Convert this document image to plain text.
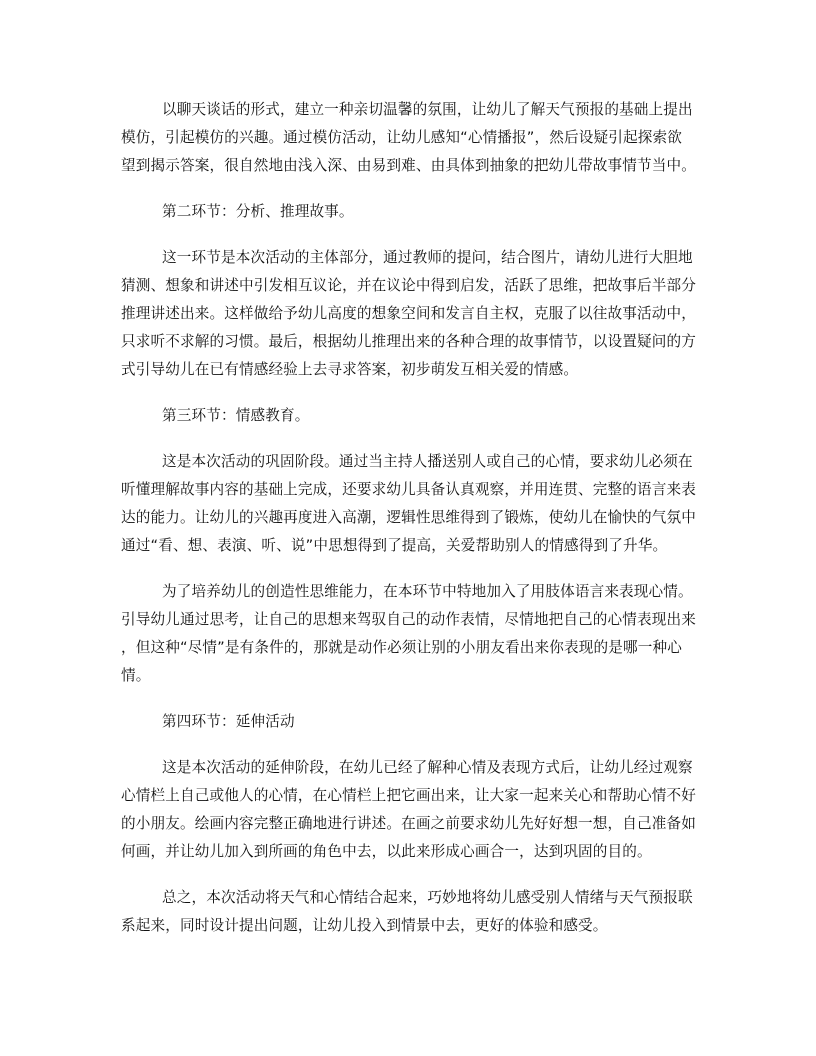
以聊天谈话的形式，建立一种亲切温馨的氛围，让幼儿了解天气预报的基础上提出模仿，引起模仿的兴趣。通过模仿活动，让幼儿感知“心情播报”，然后设疑引起探索欲望到揭示答案，很自然地由浅入深、由易到难、由具体到抽象的把幼儿带故事情节当中。

第二环节：分析、推理故事。

这一环节是本次活动的主体部分，通过教师的提问，结合图片，请幼儿进行大胆地猜测、想象和讲述中引发相互议论，并在议论中得到启发，活跃了思维，把故事后半部分推理讲述出来。这样做给予幼儿高度的想象空间和发言自主权，克服了以往故事活动中，只求听不求解的习惯。最后，根据幼儿推理出来的各种合理的故事情节，以设置疑问的方式引导幼儿在已有情感经验上去寻求答案，初步萌发互相关爱的情感。

第三环节：情感教育。

这是本次活动的巩固阶段。通过当主持人播送别人或自己的心情，要求幼儿必须在听懂理解故事内容的基础上完成，还要求幼儿具备认真观察，并用连贯、完整的语言来表达的能力。让幼儿的兴趣再度进入高潮，逻辑性思维得到了锻炼，使幼儿在愉快的气氛中通过“看、想、表演、听、说”中思想得到了提高，关爱帮助别人的情感得到了升华。

为了培养幼儿的创造性思维能力，在本环节中特地加入了用肢体语言来表现心情。引导幼儿通过思考，让自己的思想来驾驭自己的动作表情，尽情地把自己的心情表现出来，但这种“尽情”是有条件的，那就是动作必须让别的小朋友看出来你表现的是哪一种心情。

第四环节：延伸活动

这是本次活动的延伸阶段，在幼儿已经了解种心情及表现方式后，让幼儿经过观察心情栏上自己或他人的心情，在心情栏上把它画出来，让大家一起来关心和帮助心情不好的小朋友。绘画内容完整正确地进行讲述。在画之前要求幼儿先好好想一想，自己准备如何画，并让幼儿加入到所画的角色中去，以此来形成心画合一，达到巩固的目的。

总之，本次活动将天气和心情结合起来，巧妙地将幼儿感受别人情绪与天气预报联系起来，同时设计提出问题，让幼儿投入到情景中去，更好的体验和感受。
